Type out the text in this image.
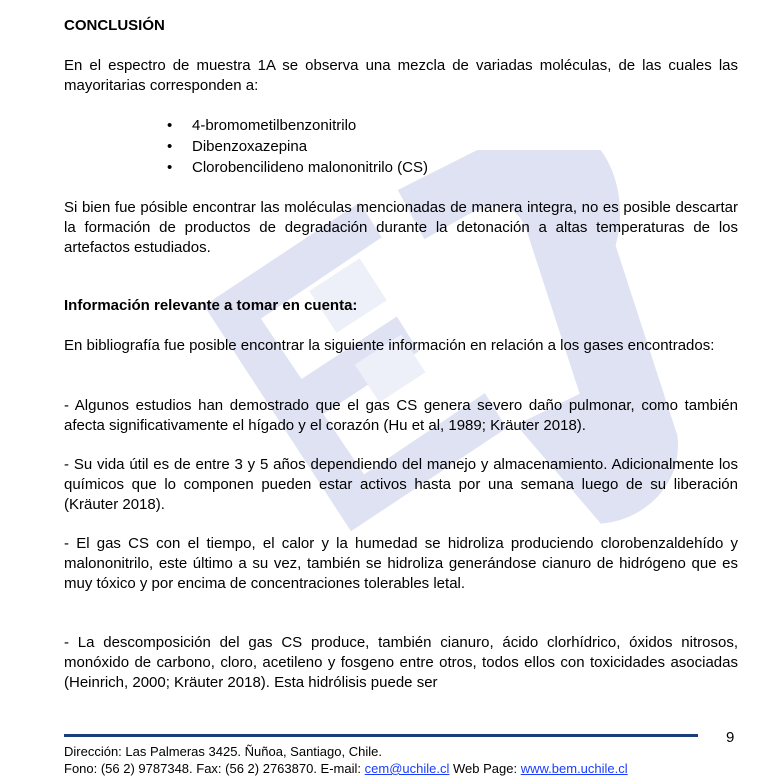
CONCLUSIÓN

En el espectro de muestra 1A se observa una mezcla de variadas moléculas, de las cuales las mayoritarias corresponden a:

• 4-bromometilbenzonitrilo
• Dibenzoxazepina
• Clorobencilideno malononitrilo (CS)

Si bien fue pósible encontrar las moléculas mencionadas de manera integra, no es posible descartar la formación de productos de degradación durante la detonación a altas temperaturas de los artefactos estudiados.

Información relevante a tomar en cuenta:

En bibliografía fue posible encontrar la siguiente información en relación a los gases encontrados:

- Algunos estudios han demostrado que el gas CS genera severo daño pulmonar, como también afecta significativamente el hígado y el corazón (Hu et al, 1989; Kräuter 2018).

- Su vida útil es de entre 3 y 5 años dependiendo del manejo y almacenamiento. Adicionalmente los químicos que lo componen pueden estar activos hasta por una semana luego de su liberación (Kräuter 2018).

- El gas CS con el tiempo, el calor y la humedad se hidroliza produciendo clorobenzaldehído y malononitrilo, este último a su vez, también se hidroliza generándose cianuro de hidrógeno que es muy tóxico y por encima de concentraciones tolerables letal.

- La descomposición del gas CS produce, también cianuro, ácido clorhídrico, óxidos nitrosos, monóxido de carbono, cloro, acetileno y fosgeno entre otros, todos ellos con toxicidades asociadas (Heinrich, 2000; Kräuter 2018). Esta hidrólisis puede ser

9
Dirección: Las Palmeras 3425. Ñuñoa, Santiago, Chile.
Fono: (56 2) 9787348. Fax: (56 2) 2763870. E-mail: cem@uchile.cl Web Page: www.bem.uchile.cl
